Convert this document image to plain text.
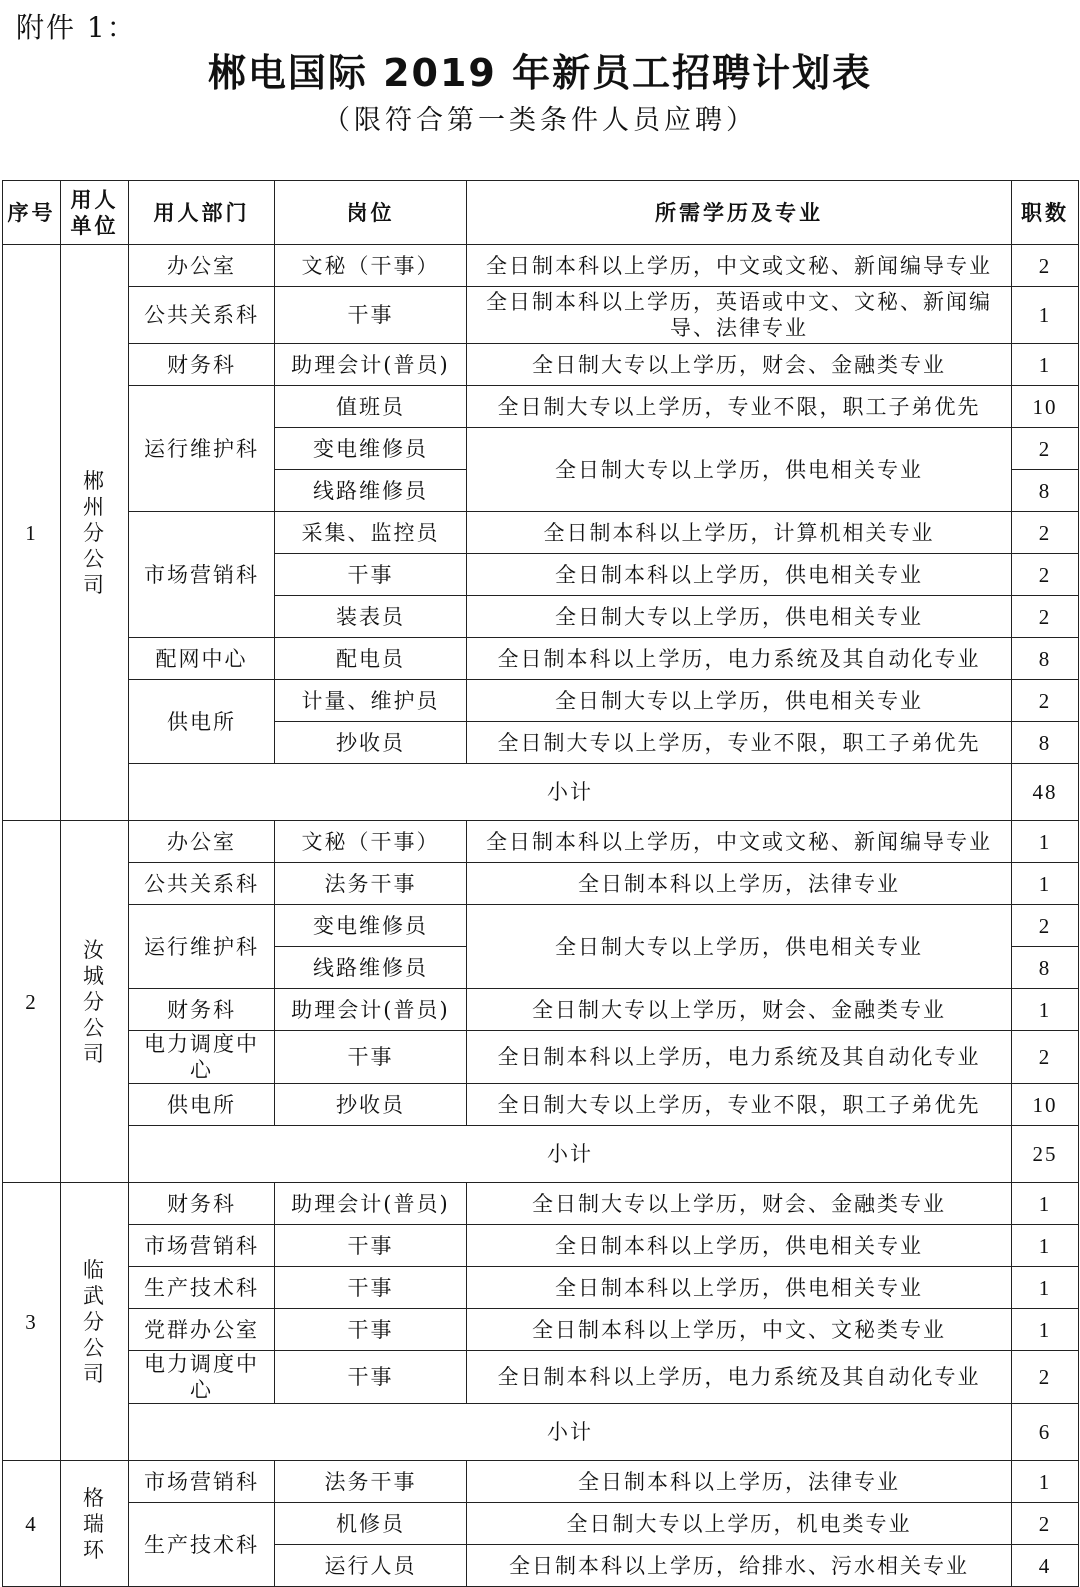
附件 1：
郴电国际 2019 年新员工招聘计划表
（限符合第一类条件人员应聘）
序号	用人单位	用人部门	岗位	所需学历及专业	职数
1	郴
州
分
公
司	办公室	文秘（干事）	全日制本科以上学历，中文或文秘、新闻编导专业	2
		公共关系科	干事	全日制本科以上学历，英语或中文、文秘、新闻编导、法律专业	1
		财务科	助理会计(普员)	全日制大专以上学历，财会、金融类专业	1
		运行维护科	值班员	全日制大专以上学历，专业不限，职工子弟优先	10
			变电维修员	全日制大专以上学历，供电相关专业	2
			线路维修员		8
		市场营销科	采集、监控员	全日制本科以上学历，计算机相关专业	2
			干事	全日制本科以上学历，供电相关专业	2
			装表员	全日制大专以上学历，供电相关专业	2
		配网中心	配电员	全日制本科以上学历，电力系统及其自动化专业	8
		供电所	计量、维护员	全日制大专以上学历，供电相关专业	2
			抄收员	全日制大专以上学历，专业不限，职工子弟优先	8
		小计			48
2	汝
城
分
公
司	办公室	文秘（干事）	全日制本科以上学历，中文或文秘、新闻编导专业	1
		公共关系科	法务干事	全日制本科以上学历，法律专业	1
		运行维护科	变电维修员	全日制大专以上学历，供电相关专业	2
			线路维修员		8
		财务科	助理会计(普员)	全日制大专以上学历，财会、金融类专业	1
		电力调度中心	干事	全日制本科以上学历，电力系统及其自动化专业	2
		供电所	抄收员	全日制大专以上学历，专业不限，职工子弟优先	10
		小计			25
3	临
武
分
公
司	财务科	助理会计(普员)	全日制大专以上学历，财会、金融类专业	1
		市场营销科	干事	全日制本科以上学历，供电相关专业	1
		生产技术科	干事	全日制本科以上学历，供电相关专业	1
		党群办公室	干事	全日制本科以上学历，中文、文秘类专业	1
		电力调度中心	干事	全日制本科以上学历，电力系统及其自动化专业	2
		小计			6
4	格
瑞
环	市场营销科	法务干事	全日制本科以上学历，法律专业	1
		生产技术科	机修员	全日制大专以上学历，机电类专业	2
			运行人员	全日制本科以上学历，给排水、污水相关专业	4
